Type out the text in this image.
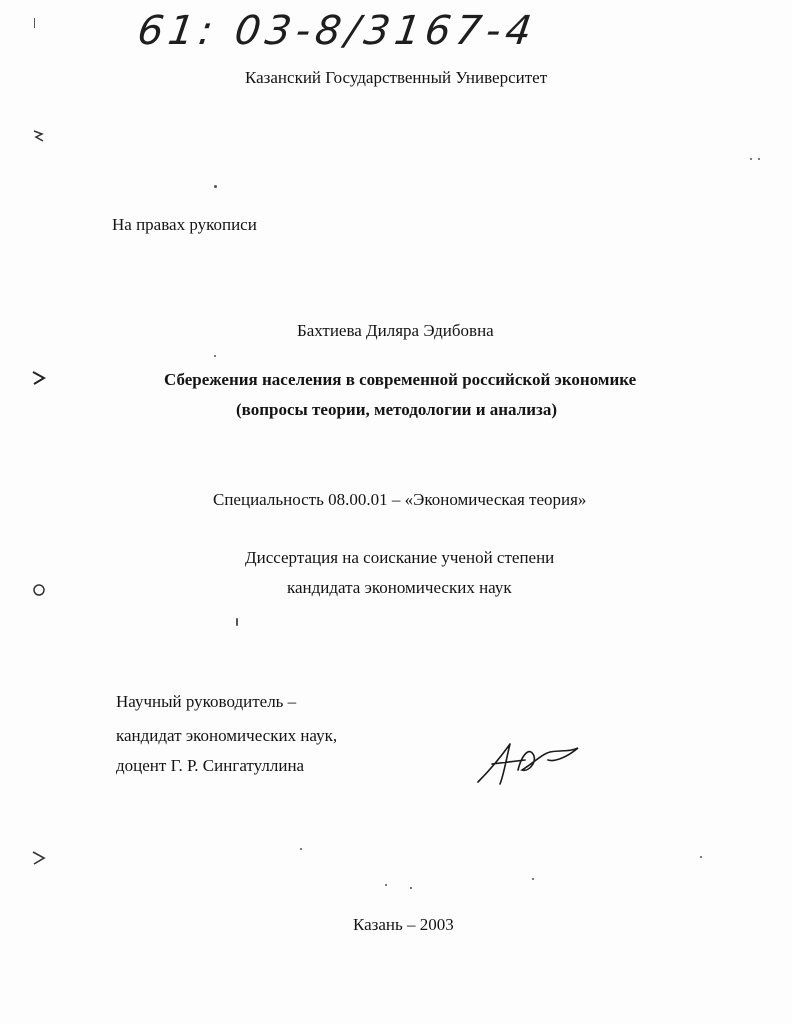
61: 03-8/3167-4
Казанский Государственный Университет
На правах рукописи
Бахтиева Диляра Эдибовна
Сбережения населения в современной российской экономике
(вопросы теории, методологии и анализа)
Специальность 08.00.01 – «Экономическая теория»
Диссертация на соискание ученой степени
кандидата экономических наук
Научный руководитель –
кандидат экономических наук,
доцент Г. Р. Сингатуллина
Казань – 2003
